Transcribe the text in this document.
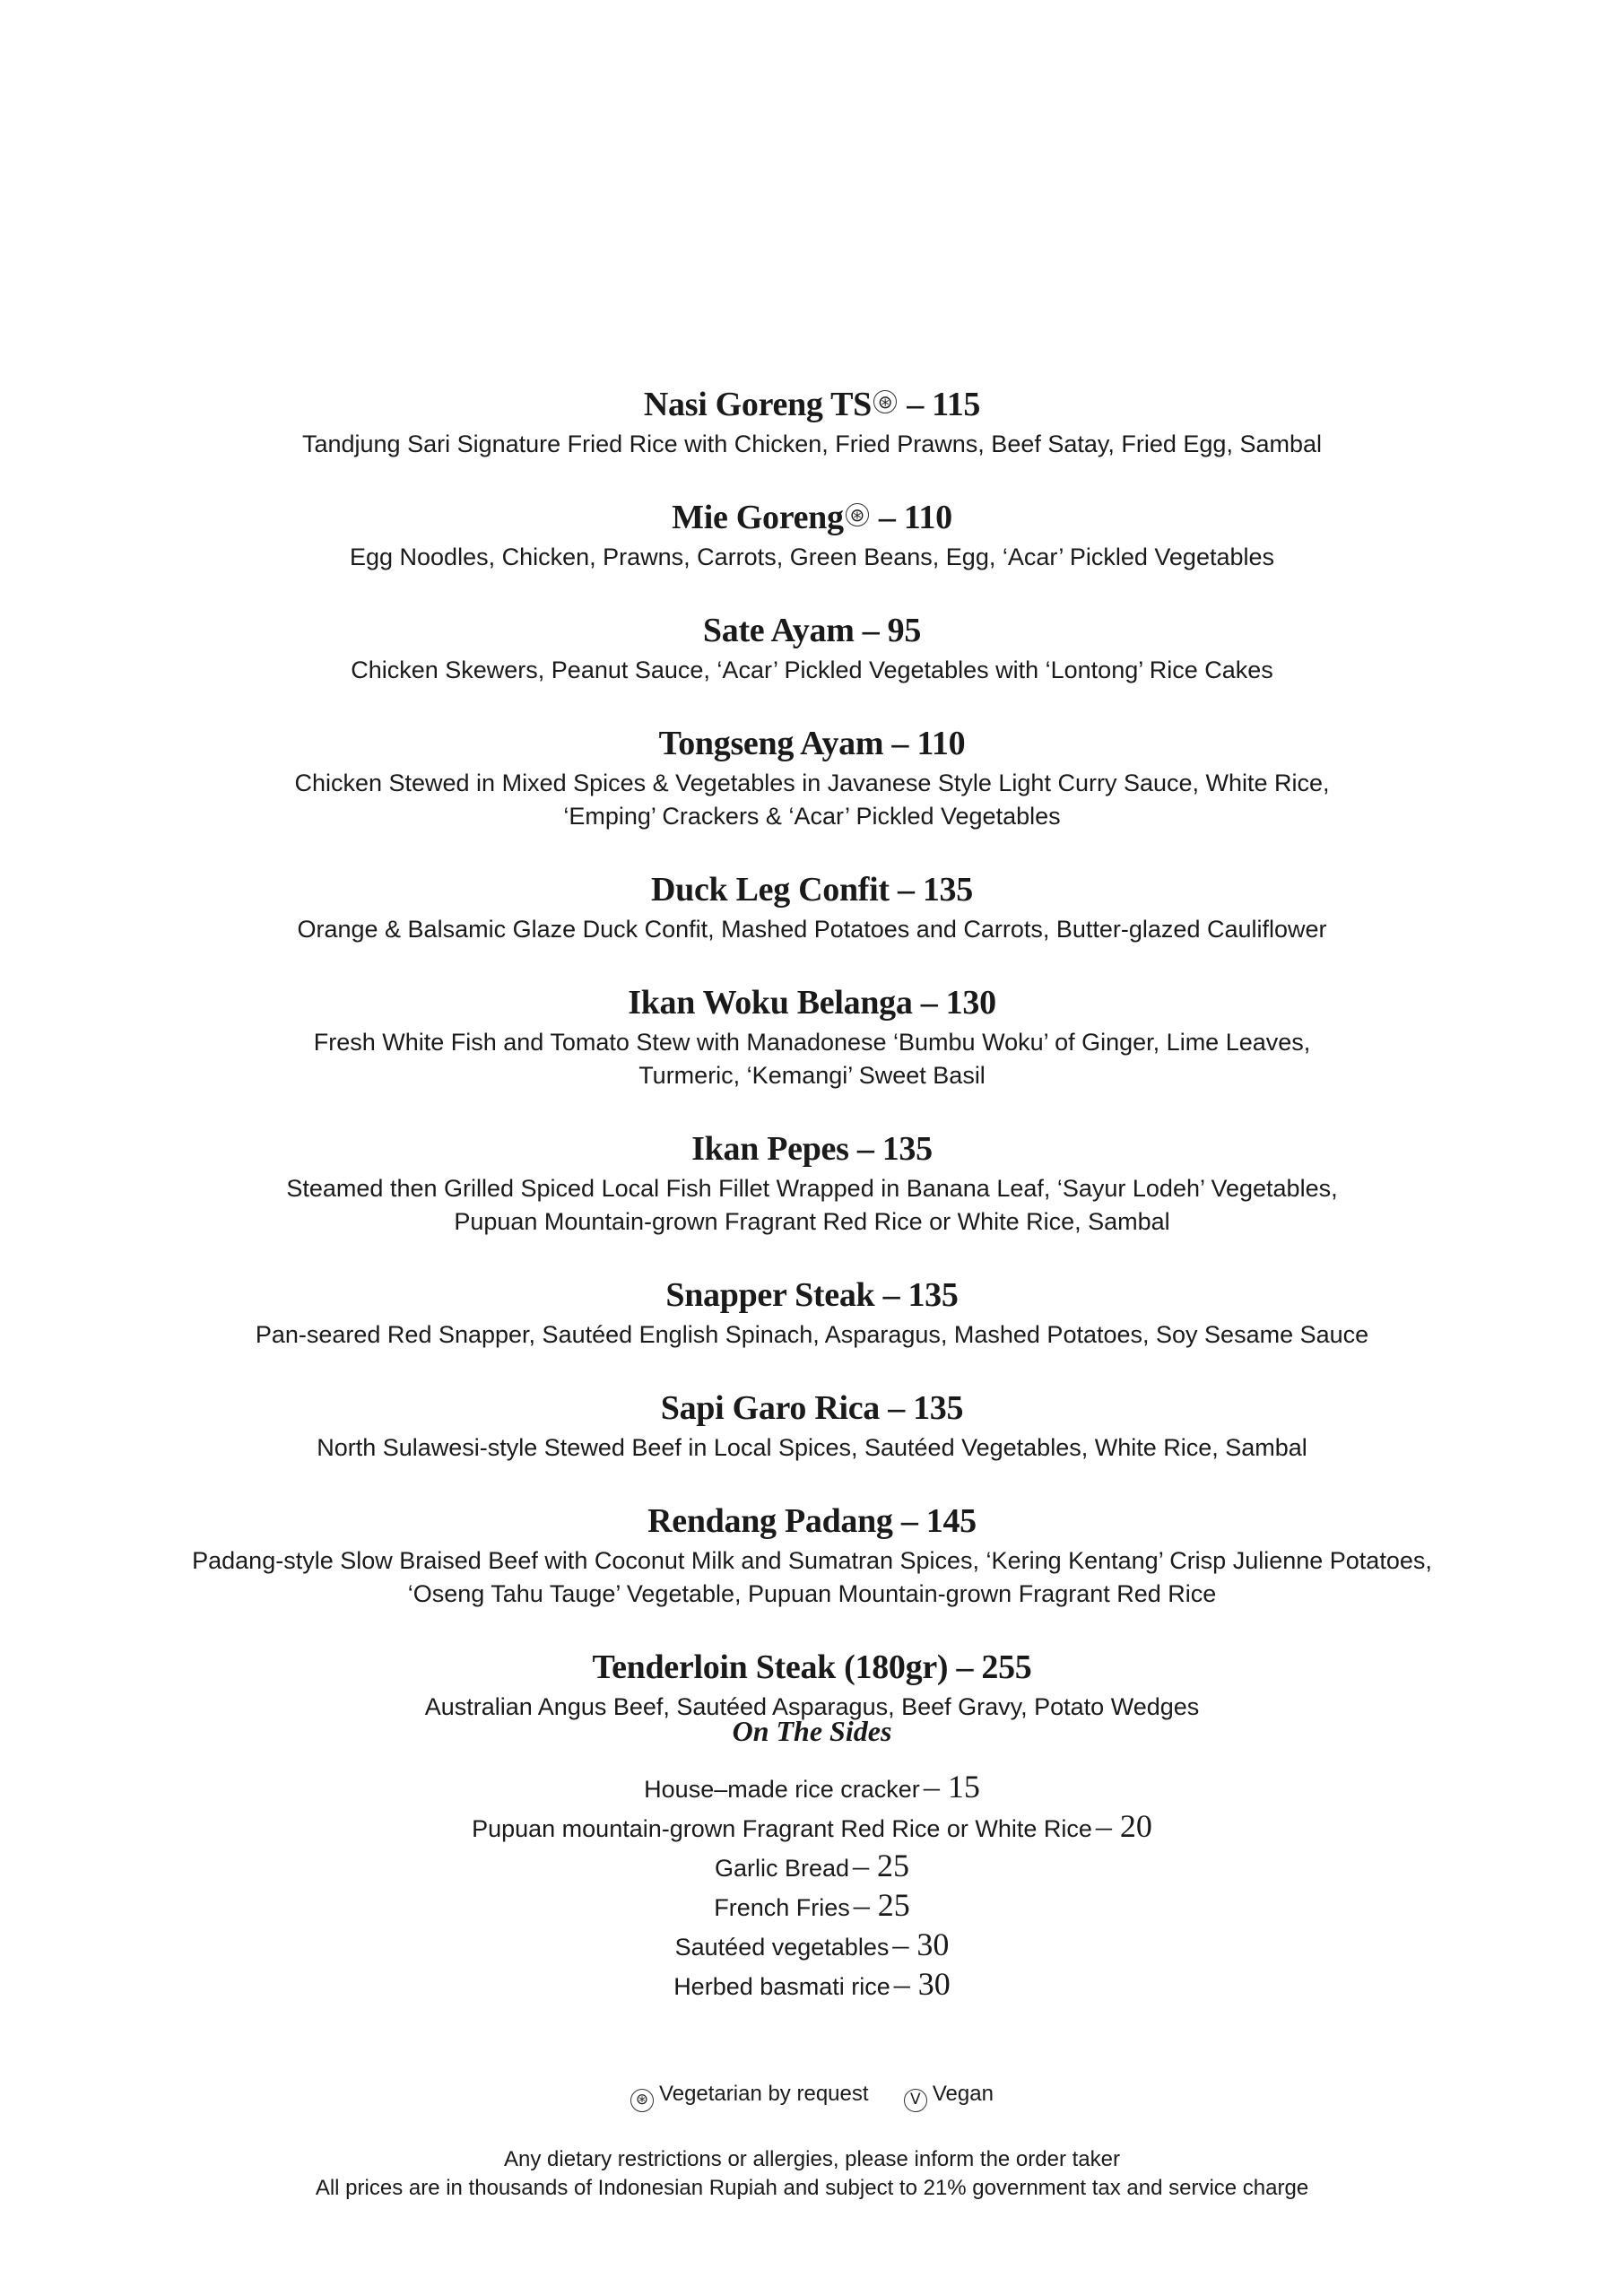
Nasi Goreng TS ⊛ – 115
Tandjung Sari Signature Fried Rice with Chicken, Fried Prawns, Beef Satay, Fried Egg, Sambal
Mie Goreng ⊛ – 110
Egg Noodles, Chicken, Prawns, Carrots, Green Beans, Egg, ‘Acar’ Pickled Vegetables
Sate Ayam – 95
Chicken Skewers, Peanut Sauce, ‘Acar’ Pickled Vegetables with ‘Lontong’ Rice Cakes
Tongseng Ayam – 110
Chicken Stewed in Mixed Spices & Vegetables in Javanese Style Light Curry Sauce, White Rice,
‘Emping’ Crackers & ‘Acar’ Pickled Vegetables
Duck Leg Confit – 135
Orange & Balsamic Glaze Duck Confit, Mashed Potatoes and Carrots, Butter-glazed Cauliflower
Ikan Woku Belanga – 130
Fresh White Fish and Tomato Stew with Manadonese ‘Bumbu Woku’ of Ginger, Lime Leaves,
Turmeric, ‘Kemangi’ Sweet Basil
Ikan Pepes – 135
Steamed then Grilled Spiced Local Fish Fillet Wrapped in Banana Leaf, ‘Sayur Lodeh’ Vegetables,
Pupuan Mountain-grown Fragrant Red Rice or White Rice, Sambal
Snapper Steak – 135
Pan-seared Red Snapper, Sautéed English Spinach, Asparagus, Mashed Potatoes, Soy Sesame Sauce
Sapi Garo Rica – 135
North Sulawesi-style Stewed Beef in Local Spices, Sautéed Vegetables, White Rice, Sambal
Rendang Padang – 145
Padang-style Slow Braised Beef with Coconut Milk and Sumatran Spices, ‘Kering Kentang’ Crisp Julienne Potatoes,
‘Oseng Tahu Tauge’ Vegetable, Pupuan Mountain-grown Fragrant Red Rice
Tenderloin Steak (180gr) – 255
Australian Angus Beef, Sautéed Asparagus, Beef Gravy, Potato Wedges
On The Sides
House–made rice cracker – 15
Pupuan mountain-grown Fragrant Red Rice or White Rice – 20
Garlic Bread – 25
French Fries – 25
Sautéed vegetables – 30
Herbed basmati rice – 30
⊛ Vegetarian by request	V Vegan
Any dietary restrictions or allergies, please inform the order taker
All prices are in thousands of Indonesian Rupiah and subject to 21% government tax and service charge
